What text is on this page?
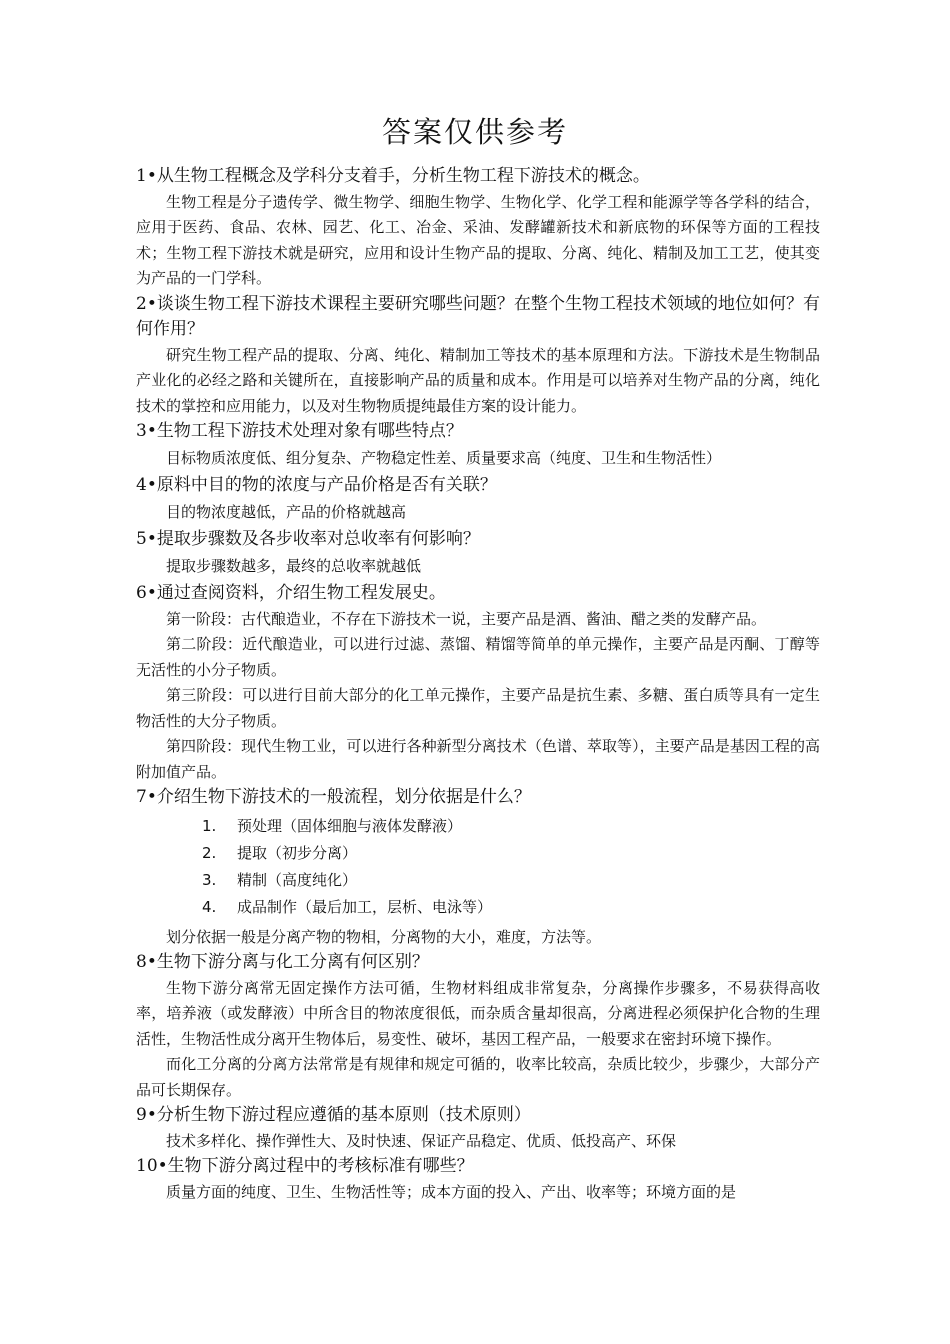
答案仅供参考

1•从生物工程概念及学科分支着手，分析生物工程下游技术的概念。

生物工程是分子遗传学、微生物学、细胞生物学、生物化学、化学工程和能源学等各学科的结合，应用于医药、食品、农林、园艺、化工、冶金、采油、发酵罐新技术和新底物的环保等方面的工程技术；生物工程下游技术就是研究，应用和设计生物产品的提取、分离、纯化、精制及加工工艺，使其变为产品的一门学科。

2•谈谈生物工程下游技术课程主要研究哪些问题？在整个生物工程技术领域的地位如何？有何作用？

研究生物工程产品的提取、分离、纯化、精制加工等技术的基本原理和方法。下游技术是生物制品产业化的必经之路和关键所在，直接影响产品的质量和成本。作用是可以培养对生物产品的分离，纯化技术的掌控和应用能力，以及对生物物质提纯最佳方案的设计能力。

3•生物工程下游技术处理对象有哪些特点？

目标物质浓度低、组分复杂、产物稳定性差、质量要求高（纯度、卫生和生物活性）

4•原料中目的物的浓度与产品价格是否有关联？

目的物浓度越低，产品的价格就越高

5•提取步骤数及各步收率对总收率有何影响？

提取步骤数越多，最终的总收率就越低

6•通过查阅资料，介绍生物工程发展史。

第一阶段：古代酿造业，不存在下游技术一说，主要产品是酒、酱油、醋之类的发酵产品。

第二阶段：近代酿造业，可以进行过滤、蒸馏、精馏等简单的单元操作，主要产品是丙酮、丁醇等无活性的小分子物质。

第三阶段：可以进行目前大部分的化工单元操作，主要产品是抗生素、多糖、蛋白质等具有一定生物活性的大分子物质。

第四阶段：现代生物工业，可以进行各种新型分离技术（色谱、萃取等），主要产品是基因工程的高附加值产品。

7•介绍生物下游技术的一般流程，划分依据是什么？

1. 预处理（固体细胞与液体发酵液）
2. 提取（初步分离）
3. 精制（高度纯化）
4. 成品制作（最后加工，层析、电泳等）

划分依据一般是分离产物的物相，分离物的大小，难度，方法等。

8•生物下游分离与化工分离有何区别？

生物下游分离常无固定操作方法可循，生物材料组成非常复杂，分离操作步骤多，不易获得高收率，培养液（或发酵液）中所含目的物浓度很低，而杂质含量却很高，分离进程必须保护化合物的生理活性，生物活性成分离开生物体后，易变性、破坏，基因工程产品，一般要求在密封环境下操作。

而化工分离的分离方法常常是有规律和规定可循的，收率比较高，杂质比较少，步骤少，大部分产品可长期保存。

9•分析生物下游过程应遵循的基本原则（技术原则）

技术多样化、操作弹性大、及时快速、保证产品稳定、优质、低投高产、环保

10•生物下游分离过程中的考核标准有哪些？

质量方面的纯度、卫生、生物活性等；成本方面的投入、产出、收率等；环境方面的是
